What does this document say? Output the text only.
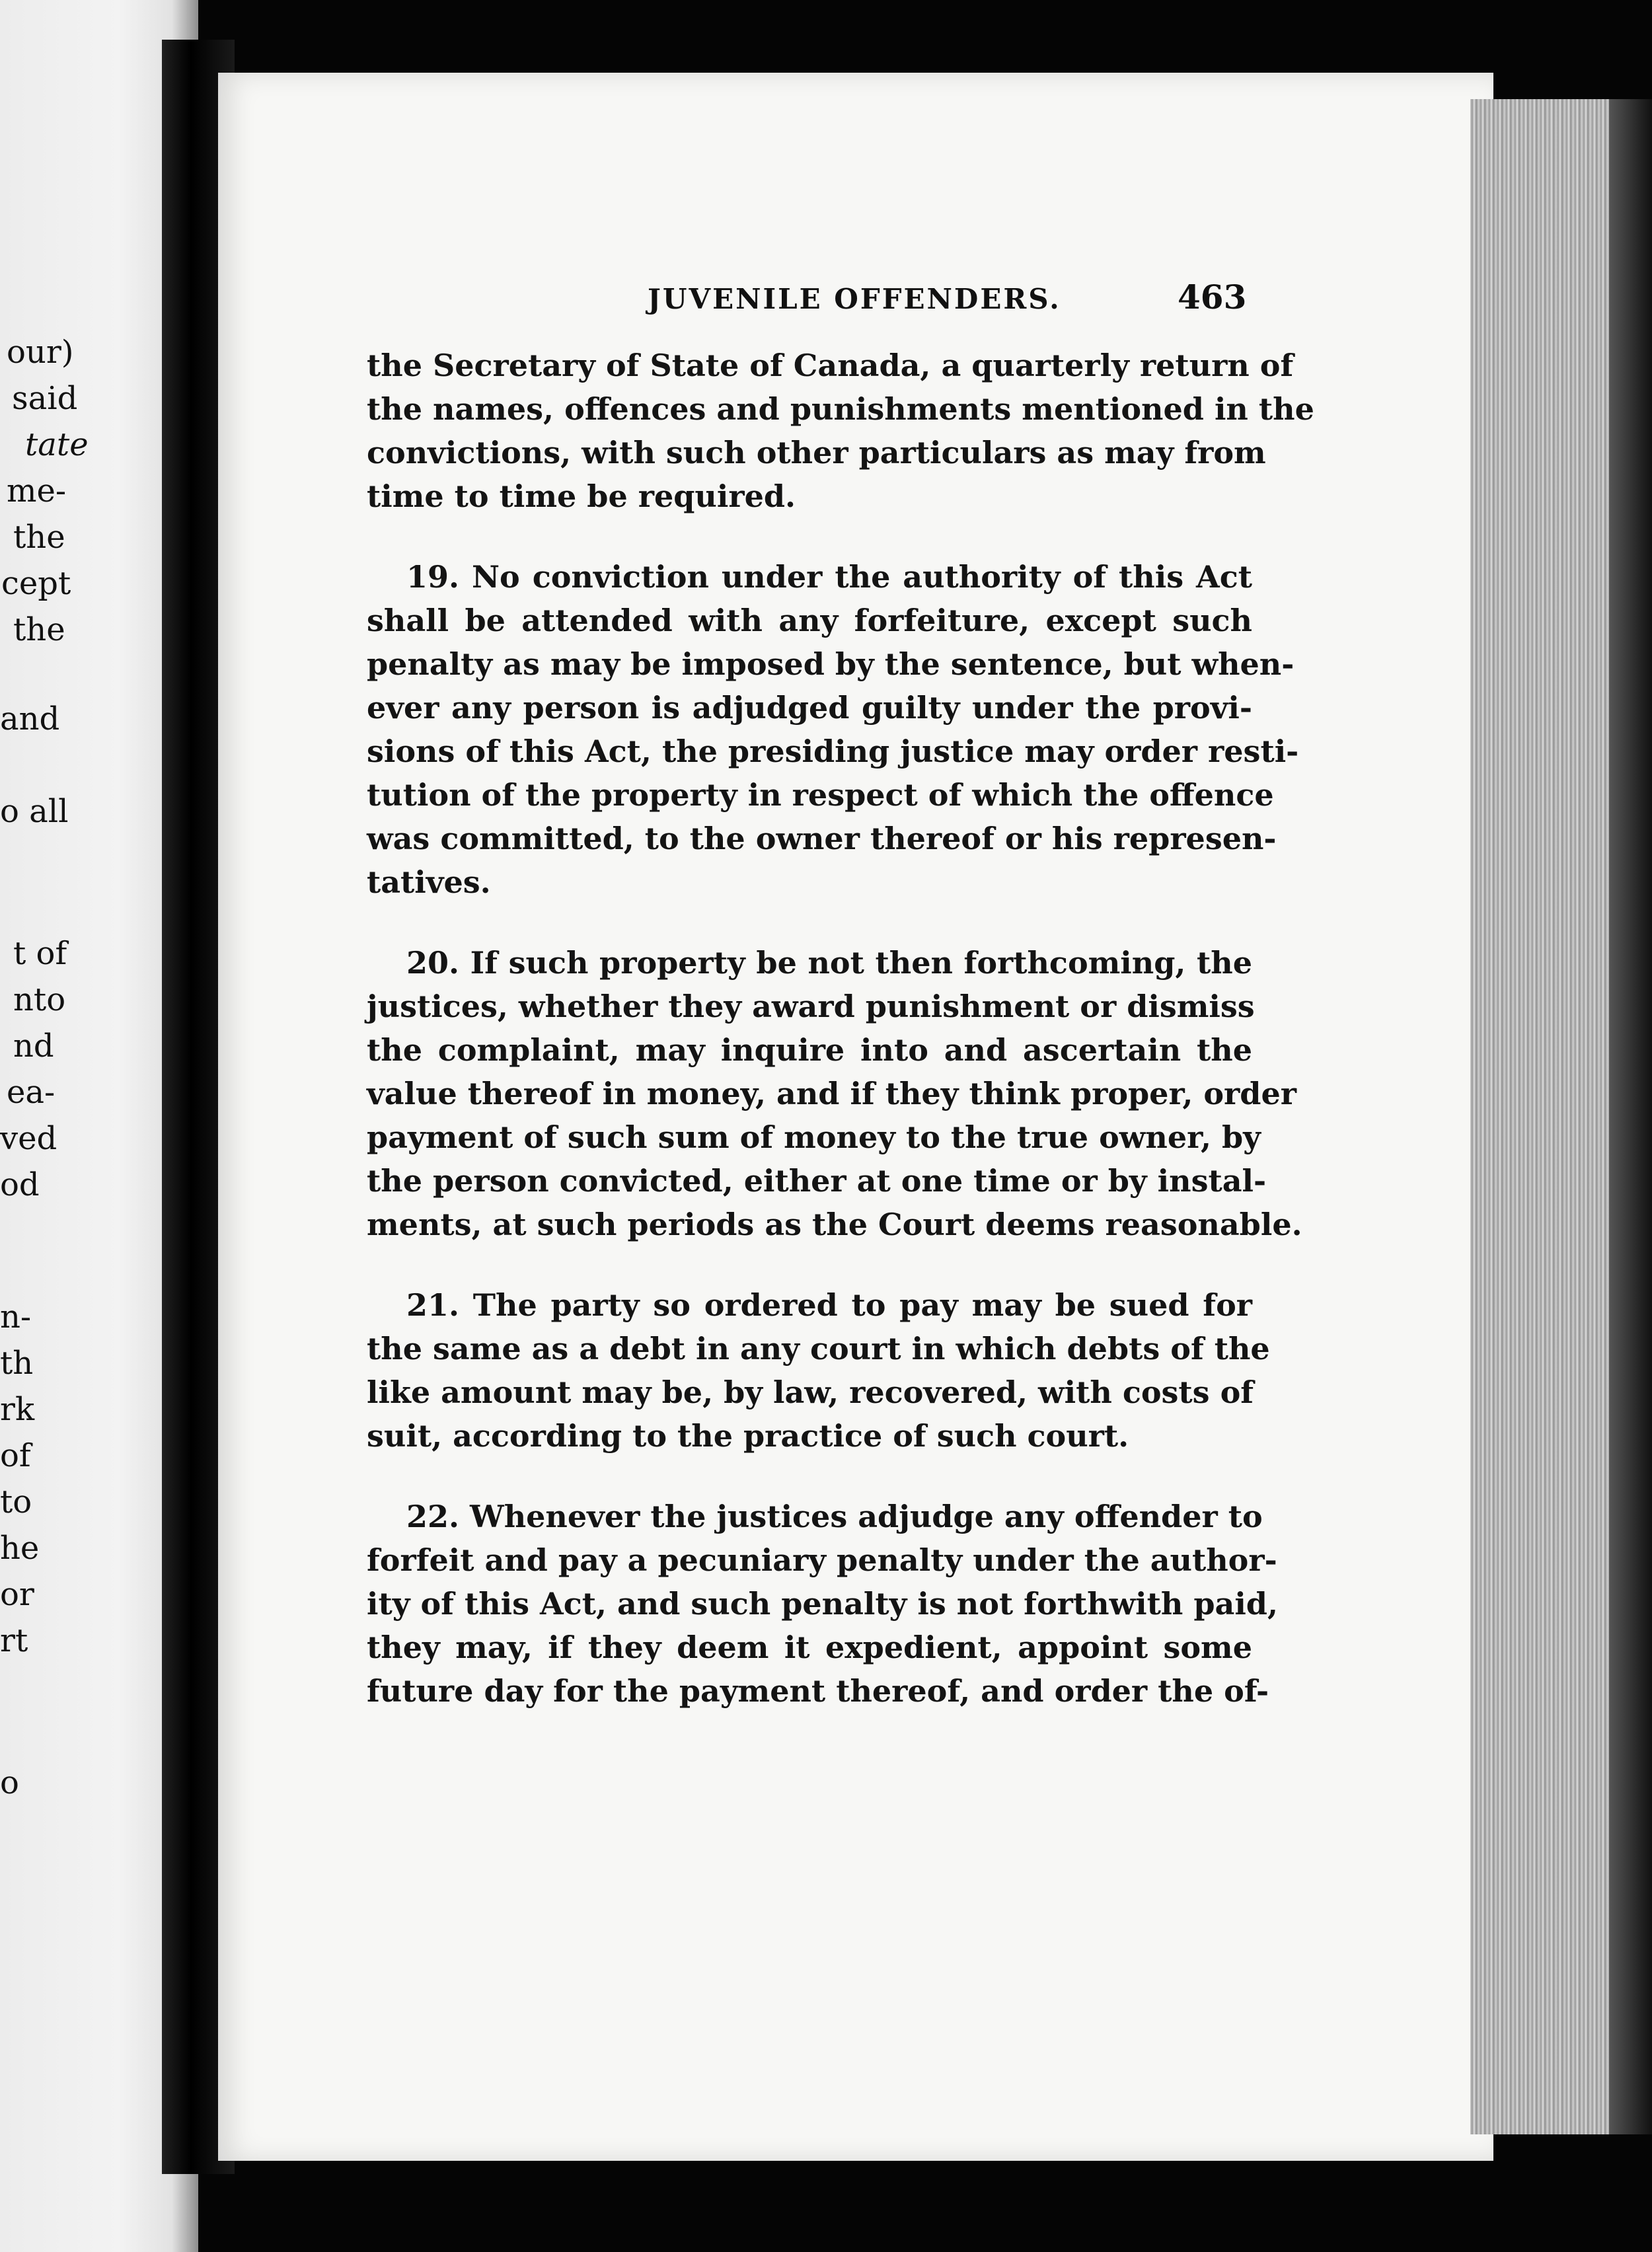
our)
said
tate
me-
the
cept
the
and
o all
t of
nto
nd
ea-
ved
od
n-
th
rk
of
to
he
or
rt
o
JUVENILE OFFENDERS.	463
the Secretary of State of Canada, a quarterly return of
the names, offences and punishments mentioned in the
convictions, with such other particulars as may from
time to time be required.
19. No conviction under the authority of this Act
shall be attended with any forfeiture, except such
penalty as may be imposed by the sentence, but when-
ever any person is adjudged guilty under the provi-
sions of this Act, the presiding justice may order resti-
tution of the property in respect of which the offence
was committed, to the owner thereof or his represen-
tatives.
20. If such property be not then forthcoming, the
justices, whether they award punishment or dismiss
the complaint, may inquire into and ascertain the
value thereof in money, and if they think proper, order
payment of such sum of money to the true owner, by
the person convicted, either at one time or by instal-
ments, at such periods as the Court deems reasonable.
21. The party so ordered to pay may be sued for
the same as a debt in any court in which debts of the
like amount may be, by law, recovered, with costs of
suit, according to the practice of such court.
22. Whenever the justices adjudge any offender to
forfeit and pay a pecuniary penalty under the author-
ity of this Act, and such penalty is not forthwith paid,
they may, if they deem it expedient, appoint some
future day for the payment thereof, and order the of-
